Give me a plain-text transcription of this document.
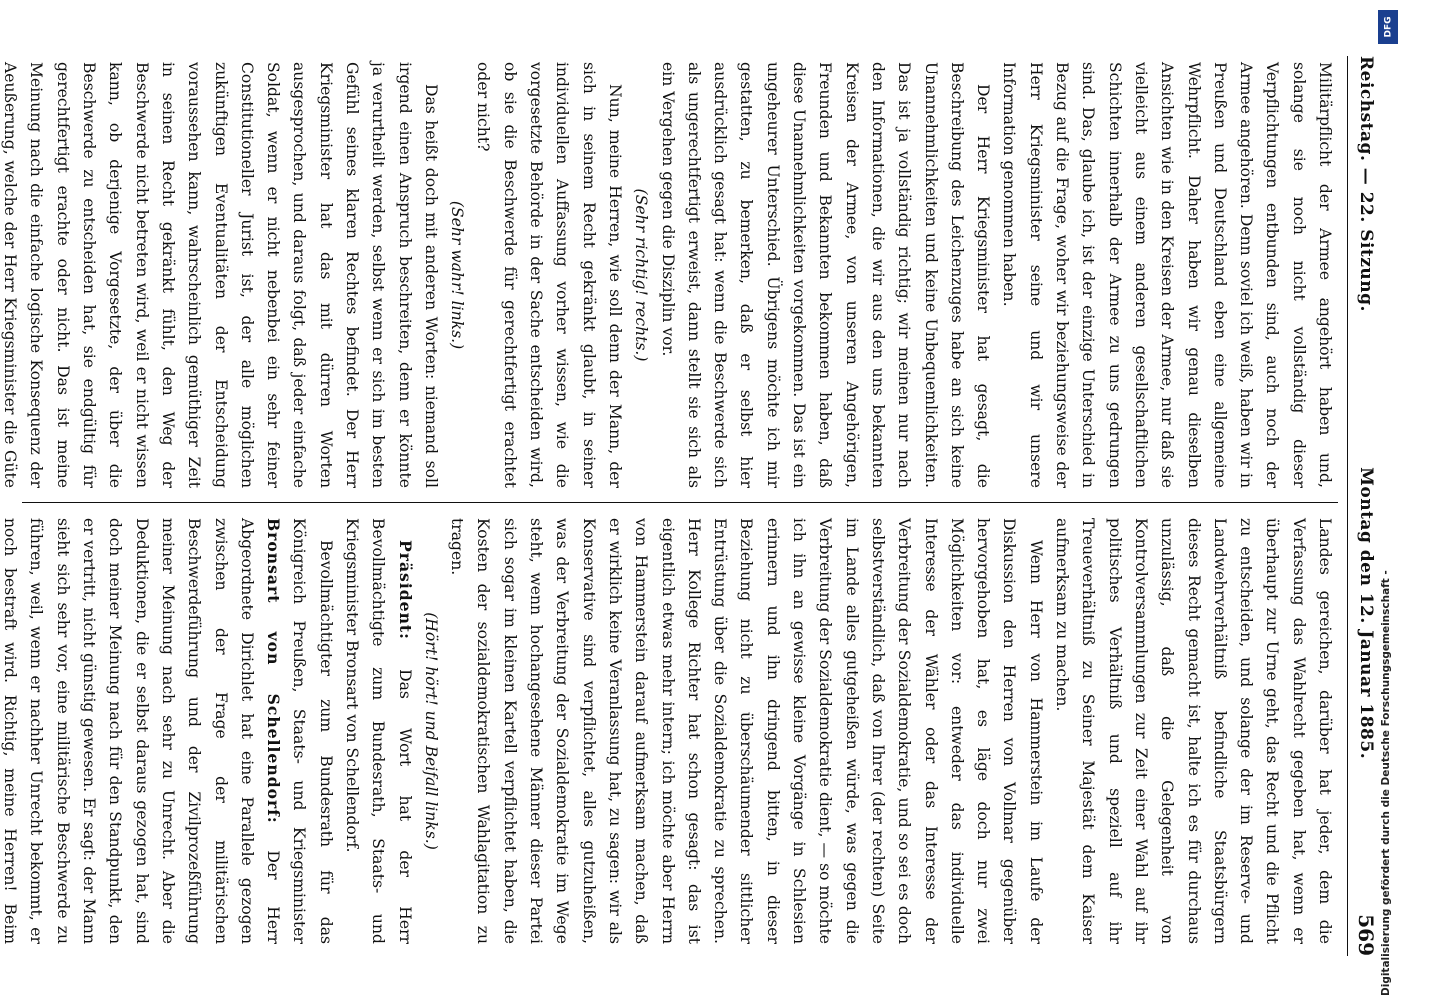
Reichstag. — 22. Sitzung.
Montag den 12. Januar 1885.
569

Militärpflicht der Armee angehört haben und, solange sie noch nicht vollständig dieser Verpflichtungen entbunden sind, auch noch der Armee angehören. Denn soviel ich weiß, haben wir in Preußen und Deutschland eben eine allgemeine Wehrpflicht. Daher haben wir genau dieselben Ansichten wie in den Kreisen der Armee, nur daß sie vielleicht aus einem anderen gesellschaftlichen Schichten innerhalb der Armee zu uns gedrungen sind. Das, glaube ich, ist der einzige Unterschied in Bezug auf die Frage, woher wir beziehungsweise der Herr Kriegsminister seine und wir unsere Information genommen haben.

Der Herr Kriegsminister hat gesagt, die Beschreibung des Leichenzuges habe an sich keine Unannehmlichkeiten und keine Unbequemlichkeiten. Das ist ja vollständig richtig; wir meinen nur nach den Informationen, die wir aus den uns bekannten Kreisen der Armee, von unseren Angehörigen, Freunden und Bekannten bekommen haben, daß diese Unannehmlichkeiten vorgekommen. Das ist ein ungeheurer Unterschied. Übrigens möchte ich mir gestatten, zu bemerken, daß er selbst hier ausdrücklich gesagt hat: wenn die Beschwerde sich als ungerechtfertigt erweist, dann stellt sie sich als ein Vergehen gegen die Disziplin vor.

(Sehr richtig! rechts.)

Nun, meine Herren, wie soll denn der Mann, der sich in seinem Recht gekränkt glaubt, in seiner individuellen Auffassung vorher wissen, wie die vorgesetzte Behörde in der Sache entscheiden wird, ob sie die Beschwerde für gerechtfertigt erachtet oder nicht?

(Sehr wahr! links.)

Das heißt doch mit anderen Worten: niemand soll irgend einen Anspruch beschreiten, denn er könnte ja verurtheilt werden, selbst wenn er sich im besten Gefühl seines klaren Rechtes befindet. Der Herr Kriegsminister hat das mit dürren Worten ausgesprochen, und daraus folgt, daß jeder einfache Soldat, wenn er nicht nebenbei ein sehr feiner Constitutioneller Jurist ist, der alle möglichen zukünftigen Eventualitäten der Entscheidung voraussehen kann, wahrscheinlich gemüthiger Zeit in seinen Recht gekränkt fühlt, den Weg der Beschwerde nicht betreten wird, weil er nicht wissen kann, ob derjenige Vorgesetzte, der über die Beschwerde zu entscheiden hat, sie endgültig für gerechtfertigt erachte oder nicht. Das ist meine Meinung nach die einfache logische Konsequenz der Aeußerung, welche der Herr Kriegsminister die Güte

Landes gereichen, darüber hat jeder, dem die Verfassung das Wahlrecht gegeben hat, wenn er überhaupt zur Urne geht, das Recht und die Pflicht zu entscheiden, und solange der im Reserve- und Landwehrverhältniß befindliche Staatsbürgern dieses Recht gemacht ist, halte ich es für durchaus unzulässig, daß die Gelegenheit von Kontrolversammlungen zur Zeit einer Wahl auf ihr politisches Verhältniß und speziell auf ihr Treueverhältniß zu Seiner Majestät dem Kaiser aufmerksam zu machen.

Wenn Herr von Hammerstein im Laufe der Diskussion den Herren von Vollmar gegenüber hervorgehoben hat, es läge doch nur zwei Möglichkeiten vor: entweder das individuelle Interesse der Wähler oder das Interesse der Verbreitung der Sozialdemokratie, und so sei es doch selbstverständlich, daß von Ihrer (der rechten) Seite im Lande alles gutgeheißen würde, was gegen die Verbreitung der Sozialdemokratie dient, — so möchte ich ihn an gewisse kleine Vorgänge in Schlesien erinnern und ihn dringend bitten, in dieser Beziehung nicht zu überschäumender sittlicher Entrüstung über die Sozialdemokratie zu sprechen. Herr Kollege Richter hat schon gesagt: das ist eigentlich etwas mehr intern; ich möchte aber Herrn von Hammerstein darauf aufmerksam machen, daß er wirklich keine Veranlassung hat, zu sagen: wir als Konservative sind verpflichtet, alles gutzuheißen, was der Verbreitung der Sozialdemokratie im Wege steht, wenn hochangesehene Männer dieser Partei sich sogar im kleinen Kartell verpflichtet haben, die Kosten der sozialdemokratischen Wahlagitation zu tragen.

(Hört! hört! und Beifall links.)

Präsident: Das Wort hat der Herr Bevollmächtigte zum Bundesrath, Staats- und Kriegsminister Bronsart von Schellendorf.

Bevollmächtigter zum Bundesrath für das Königreich Preußen, Staats- und Kriegsminister Bronsart von Schellendorf: Der Herr Abgeordnete Dirichlet hat eine Parallele gezogen zwischen der Frage der militärischen Beschwerdeführung und der Zivilprozeßführung meiner Meinung nach sehr zu Unrecht. Aber die Deduktionen, die er selbst daraus gezogen hat, sind doch meiner Meinung nach für den Standpunkt, den er vertritt, nicht günstig gewesen. Er sagt: der Mann sieht sich sehr vor, eine militärische Beschwerde zu führen, weil, wenn er nachher Unrecht bekommt, er noch bestraft wird. Richtig, meine Herren! Beim

DFG
Digitalisierung gefördert durch die Deutsche Forschungsgemeinschaft -
